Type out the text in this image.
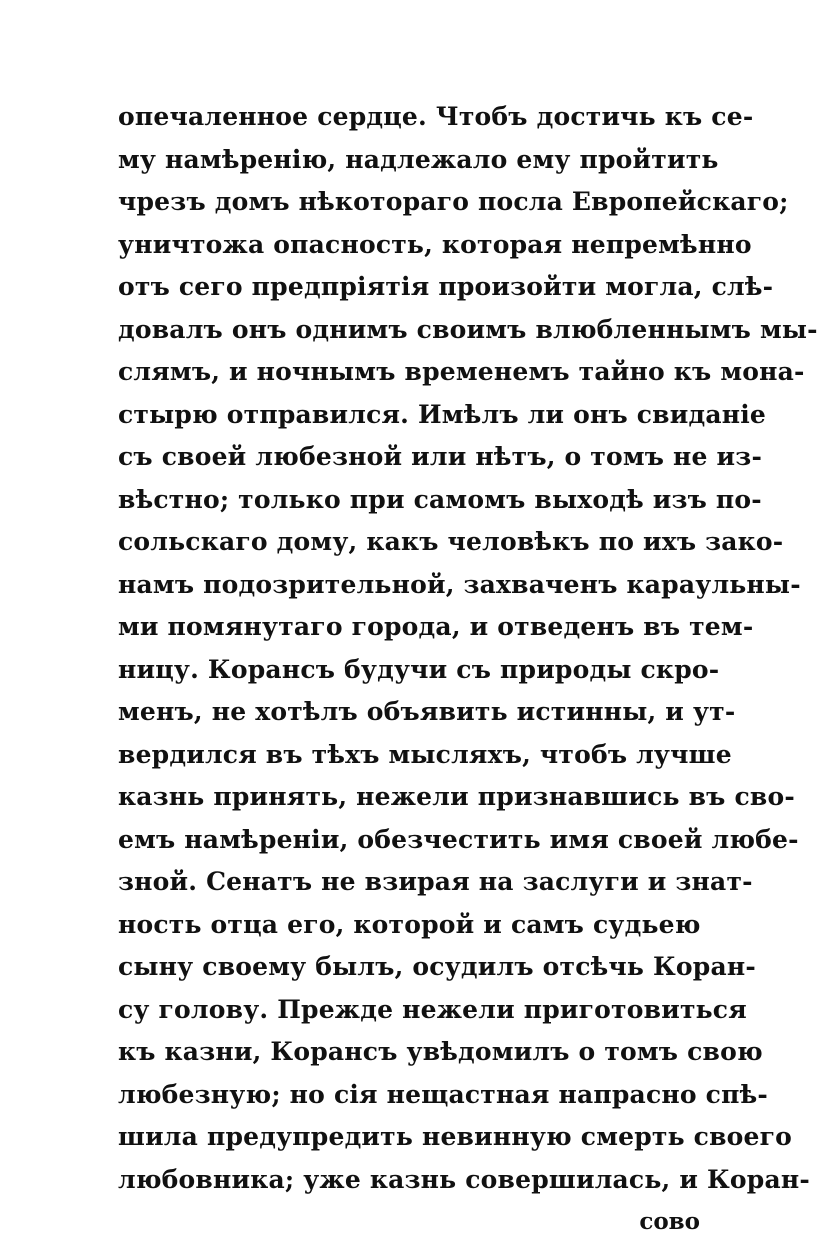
опечаленное сердце. Чтобъ достичь къ се-
му намѣренію, надлежало ему пройтить
чрезъ домъ нѣкотораго посла Европейскаго;
уничтожа опасность, которая непремѣнно
отъ сего предпріятія произойти могла, слѣ-
довалъ онъ однимъ своимъ влюбленнымъ мы-
слямъ, и ночнымъ временемъ тайно къ мона-
стырю отправился. Имѣлъ ли онъ свиданіе
съ своей любезной или нѣтъ, о томъ не из-
вѣстно; только при самомъ выходѣ изъ по-
сольскаго дому, какъ человѣкъ по ихъ зако-
намъ подозрительной, захваченъ караульны-
ми помянутаго города, и отведенъ въ тем-
ницу. Корансъ будучи съ природы скро-
менъ, не хотѣлъ объявить истинны, и ут-
вердился въ тѣхъ мысляхъ, чтобъ лучше
казнь принять, нежели признавшись въ сво-
емъ намѣреніи, обезчестить имя своей любе-
зной. Сенатъ не взирая на заслуги и знат-
ность отца его, которой и самъ судьею
сыну своему былъ, осудилъ отсѣчь Коран-
су голову. Прежде нежели приготовиться
къ казни, Корансъ увѣдомилъ о томъ свою
любезную; но сія нещастная напрасно спѣ-
шила предупредить невинную смерть своего
любовника; уже казнь совершилась, и Коран-
сово
